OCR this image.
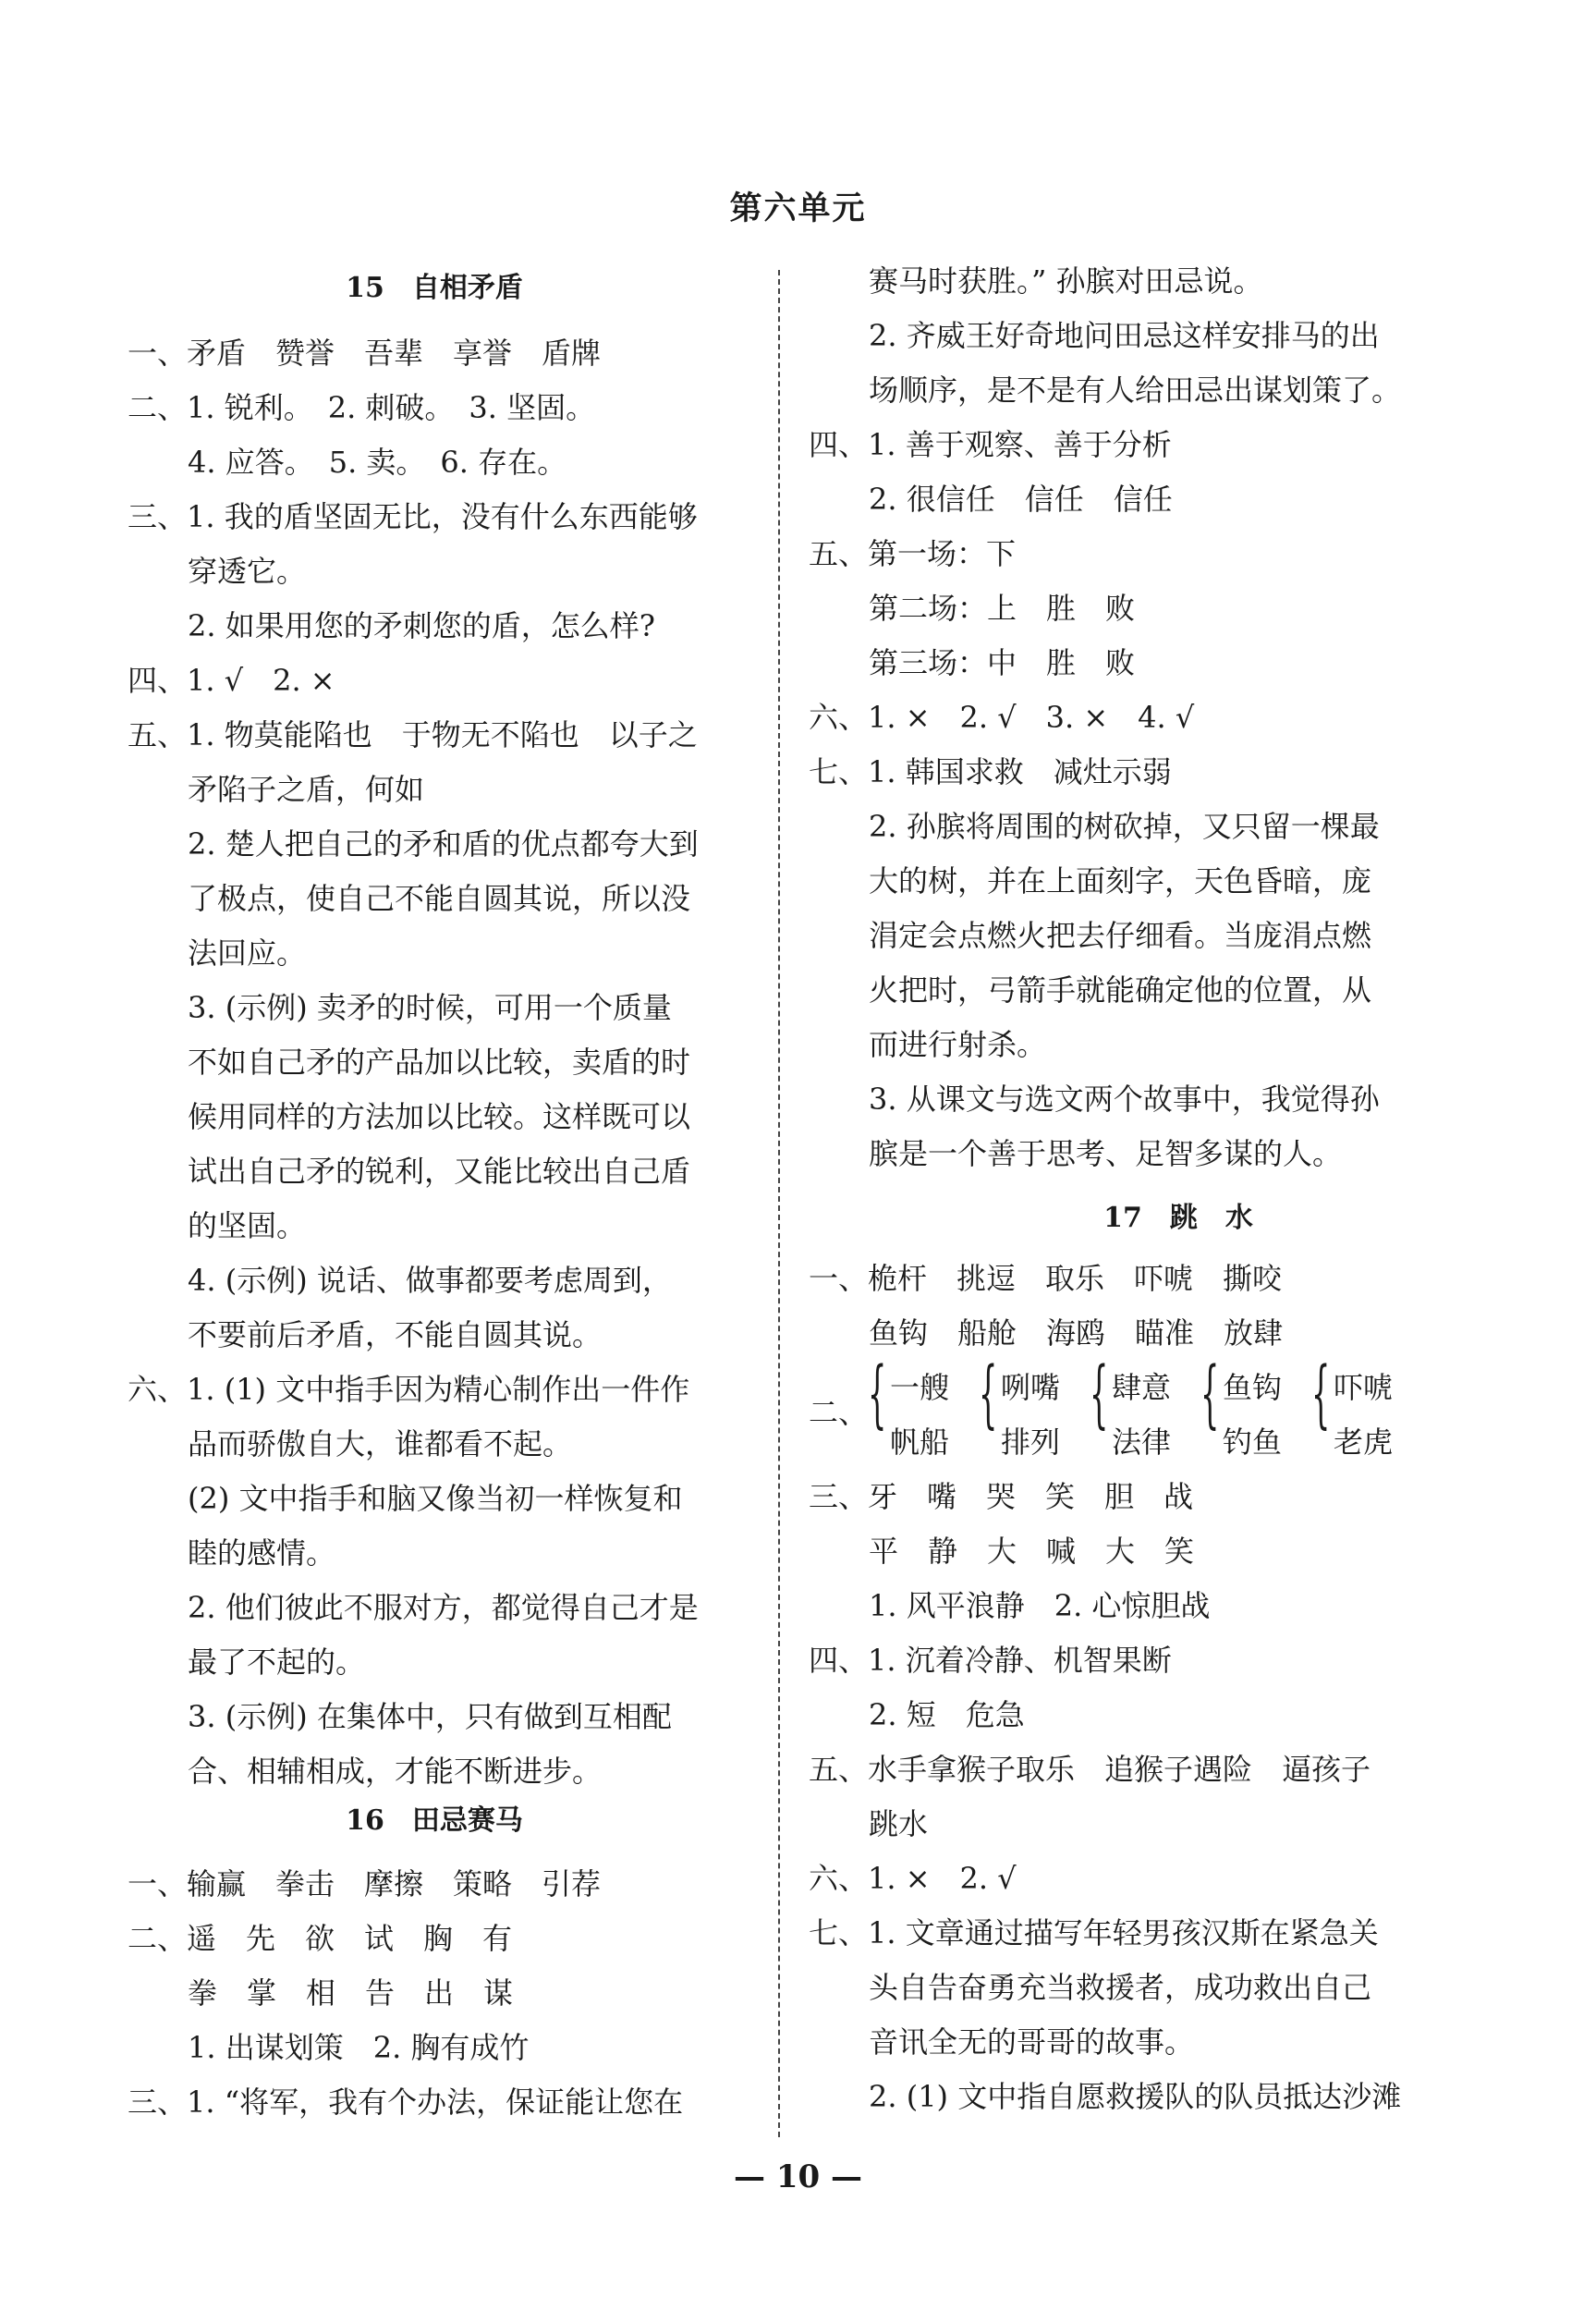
第六单元
15　自相矛盾
一、矛盾　赞誉　吾辈　享誉　盾牌
二、1. 锐利。　2. 刺破。　3. 坚固。
4. 应答。　5. 卖。　6. 存在。
三、1. 我的盾坚固无比，没有什么东西能够
穿透它。
2. 如果用您的矛刺您的盾，怎么样?
四、1. √　2. ×
五、1. 物莫能陷也　于物无不陷也　以子之
矛陷子之盾，何如
2. 楚人把自己的矛和盾的优点都夸大到
了极点，使自己不能自圆其说，所以没
法回应。
3. (示例) 卖矛的时候，可用一个质量
不如自己矛的产品加以比较，卖盾的时
候用同样的方法加以比较。这样既可以
试出自己矛的锐利，又能比较出自己盾
的坚固。
4. (示例) 说话、做事都要考虑周到，
不要前后矛盾，不能自圆其说。
六、1. (1) 文中指手因为精心制作出一件作
品而骄傲自大，谁都看不起。
(2) 文中指手和脑又像当初一样恢复和
睦的感情。
2. 他们彼此不服对方，都觉得自己才是
最了不起的。
3. (示例) 在集体中，只有做到互相配
合、相辅相成，才能不断进步。
16　田忌赛马
一、输赢　拳击　摩擦　策略　引荐
二、遥　先　欲　试　胸　有
拳　掌　相　告　出　谋
1. 出谋划策　2. 胸有成竹
三、1. “将军，我有个办法，保证能让您在
赛马时获胜。” 孙膑对田忌说。
2. 齐威王好奇地问田忌这样安排马的出
场顺序，是不是有人给田忌出谋划策了。
四、1. 善于观察、善于分析
2. 很信任　信任　信任
五、第一场：下
第二场：上　胜　败
第三场：中　胜　败
六、1. ×　2. √　3. ×　4. √
七、1. 韩国求救　减灶示弱
2. 孙膑将周围的树砍掉，又只留一棵最
大的树，并在上面刻字，天色昏暗，庞
涓定会点燃火把去仔细看。当庞涓点燃
火把时，弓箭手就能确定他的位置，从
而进行射杀。
3. 从课文与选文两个故事中，我觉得孙
膑是一个善于思考、足智多谋的人。
17　跳　水
一、桅杆　挑逗　取乐　吓唬　撕咬
鱼钩　船舱　海鸥　瞄准　放肆
二、 { 一艘
帆船
{ 咧嘴
排列
{ 肆意
法律
{ 鱼钩
钓鱼
{ 吓唬
老虎
三、牙　嘴　哭　笑　胆　战
平　静　大　喊　大　笑
1. 风平浪静　2. 心惊胆战
四、1. 沉着冷静、机智果断
2. 短　危急
五、水手拿猴子取乐　追猴子遇险　逼孩子
跳水
六、1. ×　2. √
七、1. 文章通过描写年轻男孩汉斯在紧急关
头自告奋勇充当救援者，成功救出自己
音讯全无的哥哥的故事。
2. (1) 文中指自愿救援队的队员抵达沙滩
— 10 —
